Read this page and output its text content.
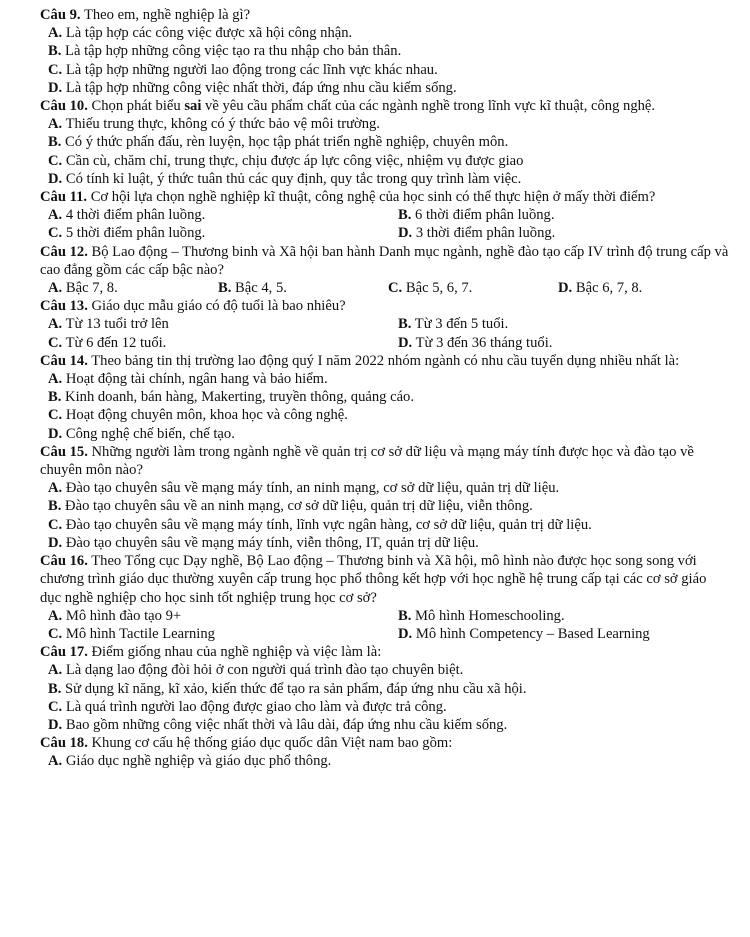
Câu 9. Theo em, nghề nghiệp là gì?

A. Là tập hợp các công việc được xã hội công nhận.

B. Là tập hợp những công việc tạo ra thu nhập cho bản thân.

C. Là tập hợp những người lao động trong các lĩnh vực khác nhau.

D. Là tập hợp những công việc nhất thời, đáp ứng nhu cầu kiếm sống.

Câu 10. Chọn phát biểu sai về yêu cầu phẩm chất của các ngành nghề trong lĩnh vực kĩ thuật, công nghệ.

A. Thiếu trung thực, không có ý thức bảo vệ môi trường.

B. Có ý thức phấn đấu, rèn luyện, học tập phát triển nghề nghiệp, chuyên môn.

C. Cần cù, chăm chỉ, trung thực, chịu được áp lực công việc, nhiệm vụ được giao

D. Có tính kỉ luật, ý thức tuân thủ các quy định, quy tắc trong quy trình làm việc.

Câu 11. Cơ hội lựa chọn nghề nghiệp kĩ thuật, công nghệ của học sinh có thể thực hiện ở mấy thời điểm?

A. 4 thời điểm phân luồng.	B. 6 thời điểm phân luồng.
C. 5 thời điểm phân luồng.	D. 3 thời điểm phân luồng.

Câu 12. Bộ Lao động – Thương binh và Xã hội ban hành Danh mục ngành, nghề đào tạo cấp IV trình độ trung cấp và cao đẳng gồm các cấp bậc nào?

A. Bậc 7, 8.	B. Bậc 4, 5.	C. Bậc 5, 6, 7.	D. Bậc 6, 7, 8.

Câu 13. Giáo dục mẫu giáo có độ tuổi là bao nhiêu?

A. Từ 13 tuổi trở lên	B. Từ 3 đến 5 tuổi.
C. Từ 6 đến 12 tuổi.	D. Từ 3 đến 36 tháng tuổi.

Câu 14. Theo bảng tin thị trường lao động quý I năm 2022 nhóm ngành có nhu cầu tuyển dụng nhiều nhất là:

A. Hoạt động tài chính, ngân hang và bảo hiểm.

B. Kinh doanh, bán hàng, Makerting, truyền thông, quảng cáo.

C. Hoạt động chuyên môn, khoa học và công nghệ.

D. Công nghệ chế biến, chế tạo.

Câu 15. Những người làm trong ngành nghề về quản trị cơ sở dữ liệu và mạng máy tính được học và đào tạo về chuyên môn nào?

A. Đào tạo chuyên sâu về mạng máy tính, an ninh mạng, cơ sở dữ liệu, quản trị dữ liệu.

B. Đào tạo chuyên sâu về an ninh mạng, cơ sở dữ liệu, quản trị dữ liệu, viễn thông.

C. Đào tạo chuyên sâu về mạng máy tính, lĩnh vực ngân hàng, cơ sở dữ liệu, quản trị dữ liệu.

D. Đào tạo chuyên sâu về mạng máy tính, viễn thông, IT, quản trị dữ liệu.

Câu 16. Theo Tổng cục Dạy nghề, Bộ Lao động – Thương binh và Xã hội, mô hình nào được học song song với chương trình giáo dục thường xuyên cấp trung học phổ thông kết hợp với học nghề hệ trung cấp tại các cơ sở giáo dục nghề nghiệp cho học sinh tốt nghiệp trung học cơ sở?

A. Mô hình đào tạo 9+	B. Mô hình Homeschooling.
C. Mô hình Tactile Learning	D. Mô hình Competency – Based Learning

Câu 17. Điểm giống nhau của nghề nghiệp và việc làm là:

A. Là dạng lao động đòi hỏi ở con người quá trình đào tạo chuyên biệt.

B. Sử dụng kĩ năng, kĩ xảo, kiến thức để tạo ra sản phẩm, đáp ứng nhu cầu xã hội.

C. Là quá trình người lao động được giao cho làm và được trả công.

D. Bao gồm những công việc nhất thời và lâu dài, đáp ứng nhu cầu kiếm sống.

Câu 18. Khung cơ cấu hệ thống giáo dục quốc dân Việt nam bao gồm:

A. Giáo dục nghề nghiệp và giáo dục phổ thông.
